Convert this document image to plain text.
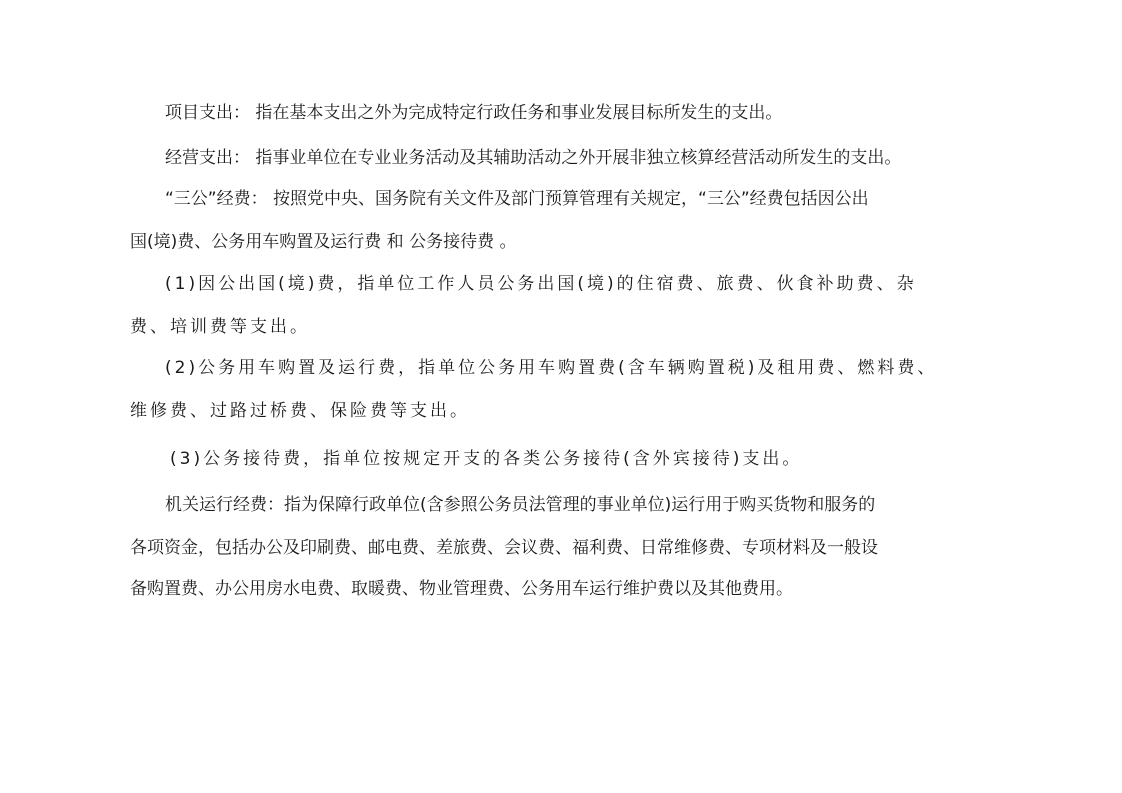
项目支出： 指在基本支出之外为完成特定行政任务和事业发展目标所发生的支出。
经营支出： 指事业单位在专业业务活动及其辅助活动之外开展非独立核算经营活动所发生的支出。
“三公”经费： 按照党中央、国务院有关文件及部门预算管理有关规定，“三公”经费包括因公出
国(境)费、公务用车购置及运行费 和 公务接待费 。
(1)因公出国(境)费，指单位工作人员公务出国(境)的住宿费、旅费、伙食补助费、杂
费、培训费等支出。
(2)公务用车购置及运行费，指单位公务用车购置费(含车辆购置税)及租用费、燃料费、
维修费、过路过桥费、保险费等支出。
(3)公务接待费，指单位按规定开支的各类公务接待(含外宾接待)支出。
机关运行经费：指为保障行政单位(含参照公务员法管理的事业单位)运行用于购买货物和服务的
各项资金，包括办公及印刷费、邮电费、差旅费、会议费、福利费、日常维修费、专项材料及一般设
备购置费、办公用房水电费、取暖费、物业管理费、公务用车运行维护费以及其他费用。
